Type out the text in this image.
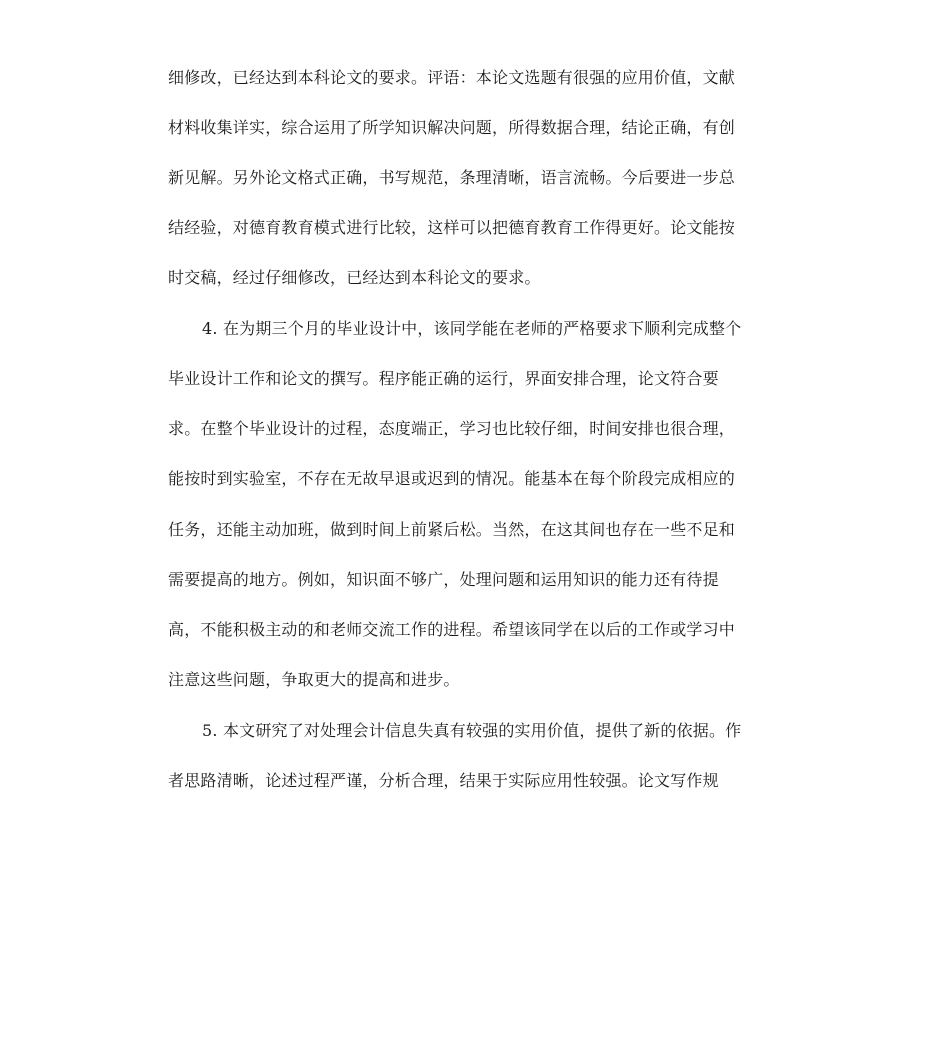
细修改，已经达到本科论文的要求。评语：本论文选题有很强的应用价值，文献
材料收集详实，综合运用了所学知识解决问题，所得数据合理，结论正确，有创
新见解。另外论文格式正确，书写规范，条理清晰，语言流畅。今后要进一步总
结经验，对德育教育模式进行比较，这样可以把德育教育工作得更好。论文能按
时交稿，经过仔细修改，已经达到本科论文的要求。
4. 在为期三个月的毕业设计中，该同学能在老师的严格要求下顺利完成整个
毕业设计工作和论文的撰写。程序能正确的运行，界面安排合理，论文符合要
求。在整个毕业设计的过程，态度端正，学习也比较仔细，时间安排也很合理，
能按时到实验室，不存在无故早退或迟到的情况。能基本在每个阶段完成相应的
任务，还能主动加班，做到时间上前紧后松。当然，在这其间也存在一些不足和
需要提高的地方。例如，知识面不够广，处理问题和运用知识的能力还有待提
高，不能积极主动的和老师交流工作的进程。希望该同学在以后的工作或学习中
注意这些问题，争取更大的提高和进步。
5. 本文研究了对处理会计信息失真有较强的实用价值，提供了新的依据。作
者思路清晰，论述过程严谨，分析合理，结果于实际应用性较强。论文写作规
